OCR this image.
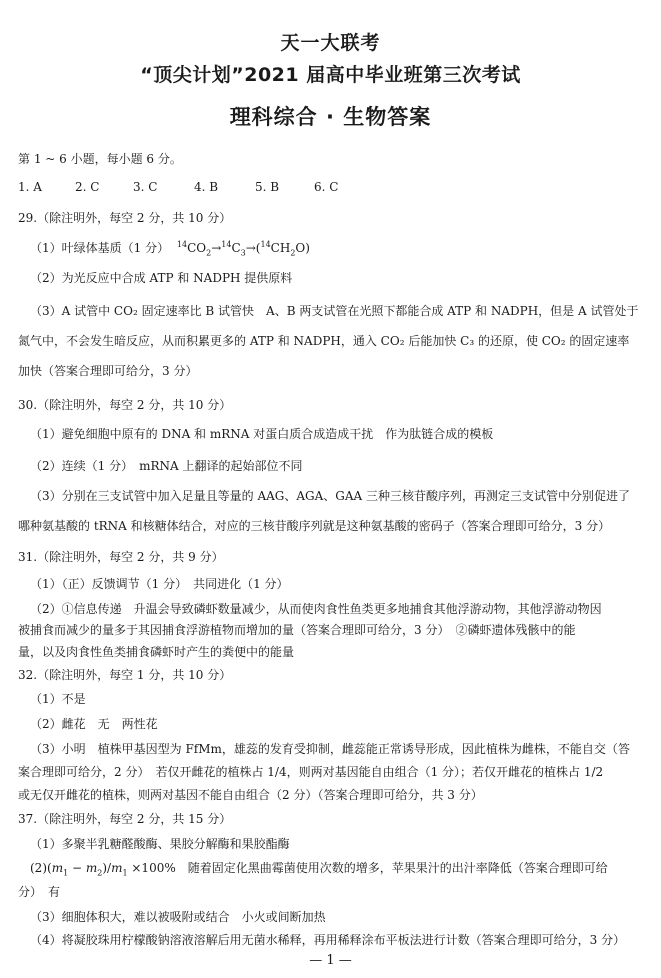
天一大联考
“顶尖计划”2021 届高中毕业班第三次考试
理科综合 · 生物答案
第 1 ~ 6 小题，每小题 6 分。
1. A	2. C	3. C	4. B	5. B	6. C
29.（除注明外，每空 2 分，共 10 分）
（1）叶绿体基质（1 分）   $^{14}CO_2\to^{14}C_3\to(^{14}CH_2O)$
（2）为光反应中合成 ATP 和 NADPH 提供原料
（3）A 试管中 CO₂ 固定速率比 B 试管快　A、B 两支试管在光照下都能合成 ATP 和 NADPH，但是 A 试管处于
氮气中，不会发生暗反应，从而积累更多的 ATP 和 NADPH，通入 CO₂ 后能加快 C₃ 的还原，使 CO₂ 的固定速率
加快（答案合理即可给分，3 分）
30.（除注明外，每空 2 分，共 10 分）
（1）避免细胞中原有的 DNA 和 mRNA 对蛋白质合成造成干扰　作为肽链合成的模板
（2）连续（1 分）　mRNA 上翻译的起始部位不同
（3）分别在三支试管中加入足量且等量的 AAG、AGA、GAA 三种三核苷酸序列，再测定三支试管中分别促进了
哪种氨基酸的 tRNA 和核糖体结合，对应的三核苷酸序列就是这种氨基酸的密码子（答案合理即可给分，3 分）
31.（除注明外，每空 2 分，共 9 分）
（1）（正）反馈调节（1 分）　共同进化（1 分）
（2）①信息传递　升温会导致磷虾数量减少，从而使肉食性鱼类更多地捕食其他浮游动物，其他浮游动物因
被捕食而减少的量多于其因捕食浮游植物而增加的量（答案合理即可给分，3 分）　②磷虾遗体残骸中的能
量，以及肉食性鱼类捕食磷虾时产生的粪便中的能量
32.（除注明外，每空 1 分，共 10 分）
（1）不是
（2）雌花　无　两性花
（3）小明　植株甲基因型为 FfMm，雄蕊的发育受抑制，雌蕊能正常诱导形成，因此植株为雌株，不能自交（答
案合理即可给分，2 分）　若仅开雌花的植株占 1/4，则两对基因能自由组合（1 分）；若仅开雌花的植株占 1/2
或无仅开雌花的植株，则两对基因不能自由组合（2 分）（答案合理即可给分，共 3 分）
37.（除注明外，每空 2 分，共 15 分）
（1）多聚半乳糖醛酸酶、果胶分解酶和果胶酯酶
$(2)(m_1 - m_2)/m_1 \times 100\%$　随着固定化黑曲霉菌使用次数的增多，苹果果汁的出汁率降低（答案合理即可给
分）　有
（3）细胞体积大，难以被吸附或结合　小火或间断加热
（4）将凝胶珠用柠檬酸钠溶液溶解后用无菌水稀释，再用稀释涂布平板法进行计数（答案合理即可给分，3 分）
— 1 —
